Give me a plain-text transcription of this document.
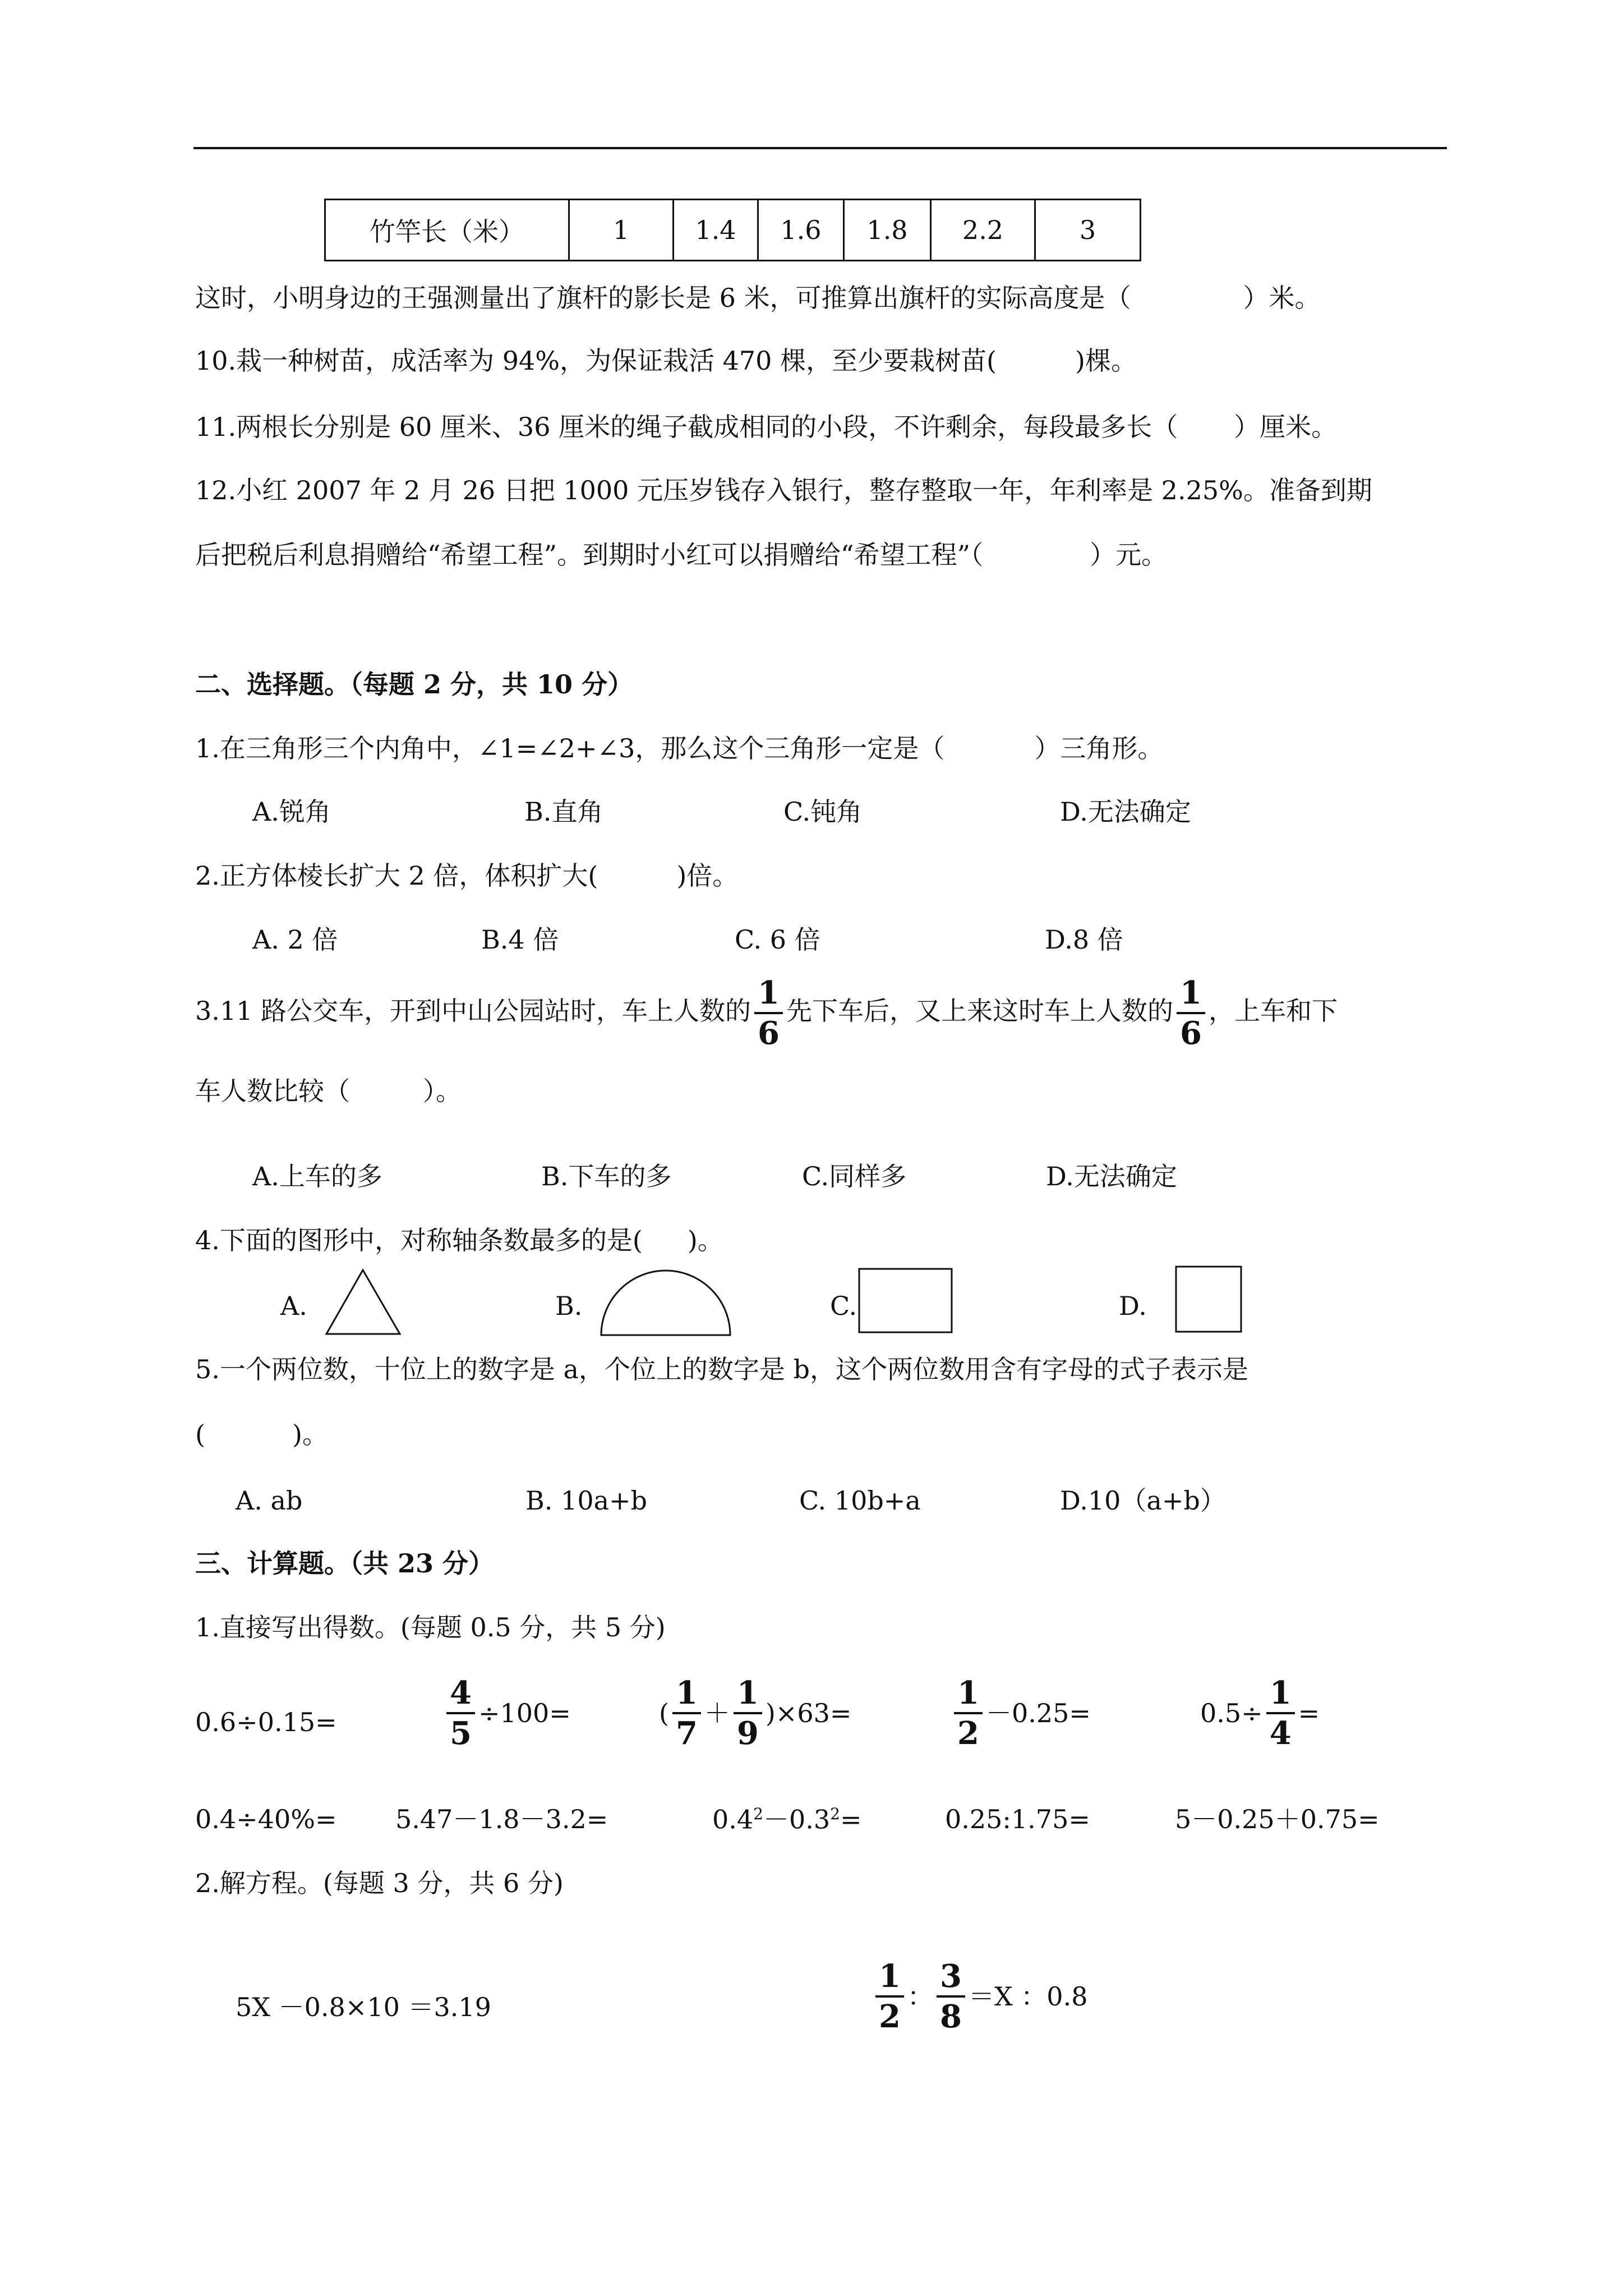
竹竿长（米）	1	1.4	1.6	1.8	2.2	3
这时，小明身边的王强测量出了旗杆的影长是 6 米，可推算出旗杆的实际高度是（	）米。
10.栽一种树苗，成活率为 94%，为保证栽活 470 棵，至少要栽树苗(	)棵。
11.两根长分别是 60 厘米、36 厘米的绳子截成相同的小段，不许剩余，每段最多长（ ）厘米。
12.小红 2007 年 2 月 26 日把 1000 元压岁钱存入银行，整存整取一年，年利率是 2.25%。准备到期
后把税后利息捐赠给“希望工程”。到期时小红可以捐赠给“希望工程”（	）元。
二、选择题。（每题 2 分，共 10 分）
1.在三角形三个内角中，∠1=∠2+∠3，那么这个三角形一定是（	）三角形。
A.锐角	B.直角	C.钝角	D.无法确定
2.正方体棱长扩大 2 倍，体积扩大(	)倍。
A. 2 倍	B.4 倍	C. 6 倍	D.8 倍
3.11 路公交车，开到中山公园站时，车上人数的 $\frac{1}{6}$ 先下车后，又上来这时车上人数的 $\frac{1}{6}$ ，上车和下
车人数比较（	）。
A.上车的多	B.下车的多	C.同样多	D.无法确定
4.下面的图形中，对称轴条数最多的是( )。
A.	B.	C.	D.
5.一个两位数，十位上的数字是 a，个位上的数字是 b，这个两位数用含有字母的式子表示是
(	)。
A. ab	B. 10a+b	C. 10b+a	D.10（a+b）
三、计算题。（共 23 分）
1.直接写出得数。(每题 0.5 分，共 5 分)
0.6÷0.15=	$\frac{4}{5} \div 100=$	( $\frac{1}{7} + \frac{1}{9} )\times 63=$	$\frac{1}{2} -0.25=$	$0.5\div \frac{1}{4}$ =
0.4÷40%= 5.47－1.8－3.2=	$0.4^2-0.3^2=$	0.25:1.75=	5－0.25＋0.75=
2.解方程。(每题 3 分，共 6 分)
5X －0.8×10 ＝3.19	$\frac{1}{2}$ ： $\frac{3}{8} =X$ ：0.8
